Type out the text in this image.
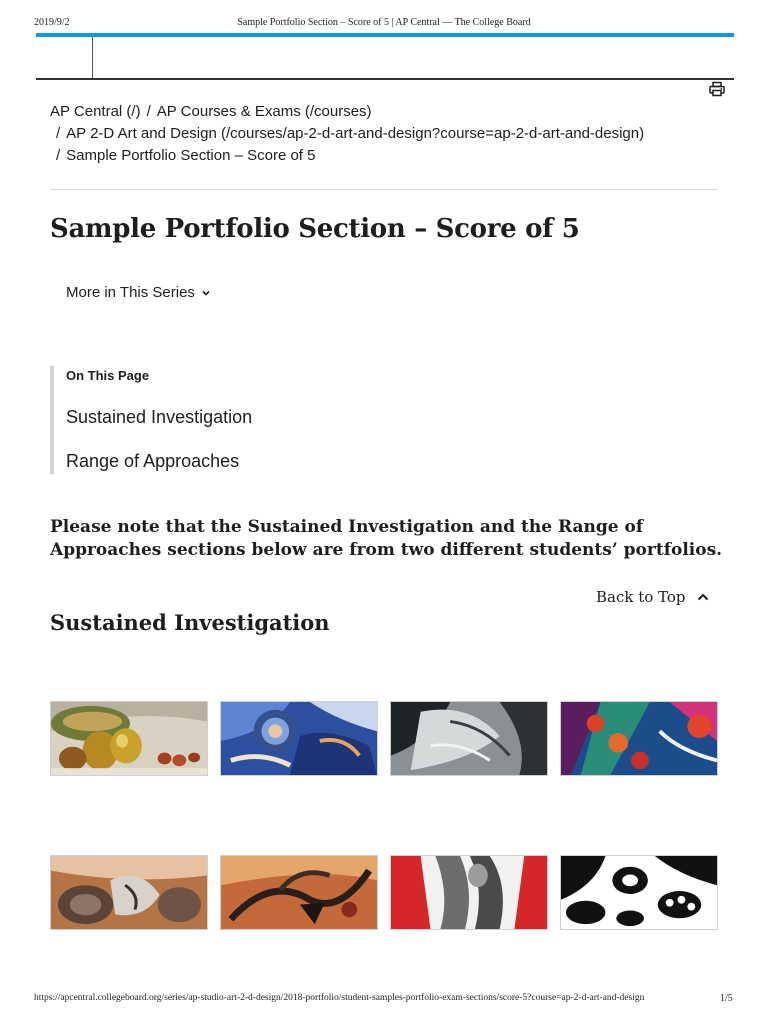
2019/9/2	Sample Portfolio Section – Score of 5 | AP Central — The College Board
AP Central (/) / AP Courses & Exams (/courses)
/ AP 2-D Art and Design (/courses/ap-2-d-art-and-design?course=ap-2-d-art-and-design)
/ Sample Portfolio Section – Score of 5
Sample Portfolio Section – Score of 5
More in This Series
On This Page
Sustained Investigation
Range of Approaches

Please note that the Sustained Investigation and the Range of Approaches sections below are from two different students’ portfolios.

Back to Top
Sustained Investigation
https://apcentral.collegeboard.org/series/ap-studio-art-2-d-design/2018-portfolio/student-samples-portfolio-exam-sections/score-5?course=ap-2-d-art-and-design	1/5
